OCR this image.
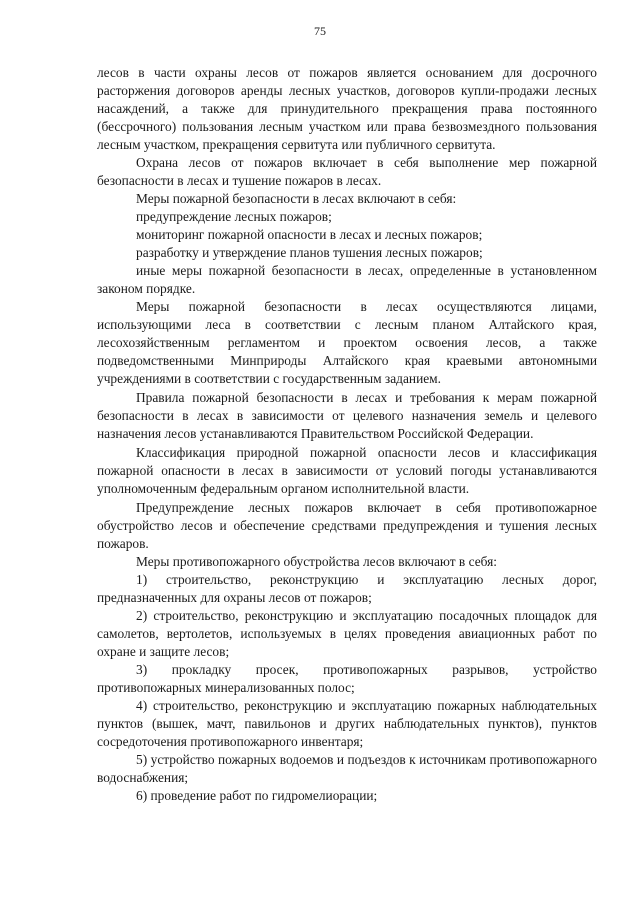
75

лесов в части охраны лесов от пожаров является основанием для досрочного расторжения договоров аренды лесных участков, договоров купли-продажи лесных насаждений, а также для принудительного прекращения права постоянного (бессрочного) пользования лесным участком или права безвозмездного пользования лесным участком, прекращения сервитута или публичного сервитута.

Охрана лесов от пожаров включает в себя выполнение мер пожарной безопасности в лесах и тушение пожаров в лесах.

Меры пожарной безопасности в лесах включают в себя:

предупреждение лесных пожаров;

мониторинг пожарной опасности в лесах и лесных пожаров;

разработку и утверждение планов тушения лесных пожаров;

иные меры пожарной безопасности в лесах, определенные в установленном законом порядке.

Меры пожарной безопасности в лесах осуществляются лицами, использующими леса в соответствии с лесным планом Алтайского края, лесохозяйственным регламентом и проектом освоения лесов, а также подведомственными Минприроды Алтайского края краевыми автономными учреждениями в соответствии с государственным заданием.

Правила пожарной безопасности в лесах и требования к мерам пожарной безопасности в лесах в зависимости от целевого назначения земель и целевого назначения лесов устанавливаются Правительством Российской Федерации.

Классификация природной пожарной опасности лесов и классификация пожарной опасности в лесах в зависимости от условий погоды устанавливаются уполномоченным федеральным органом исполнительной власти.

Предупреждение лесных пожаров включает в себя противопожарное обустройство лесов и обеспечение средствами предупреждения и тушения лесных пожаров.

Меры противопожарного обустройства лесов включают в себя:

1) строительство, реконструкцию и эксплуатацию лесных дорог, предназначенных для охраны лесов от пожаров;

2) строительство, реконструкцию и эксплуатацию посадочных площадок для самолетов, вертолетов, используемых в целях проведения авиационных работ по охране и защите лесов;

3) прокладку просек, противопожарных разрывов, устройство противопожарных минерализованных полос;

4) строительство, реконструкцию и эксплуатацию пожарных наблюдательных пунктов (вышек, мачт, павильонов и других наблюдательных пунктов), пунктов сосредоточения противопожарного инвентаря;

5) устройство пожарных водоемов и подъездов к источникам противопожарного водоснабжения;

6) проведение работ по гидромелиорации;
